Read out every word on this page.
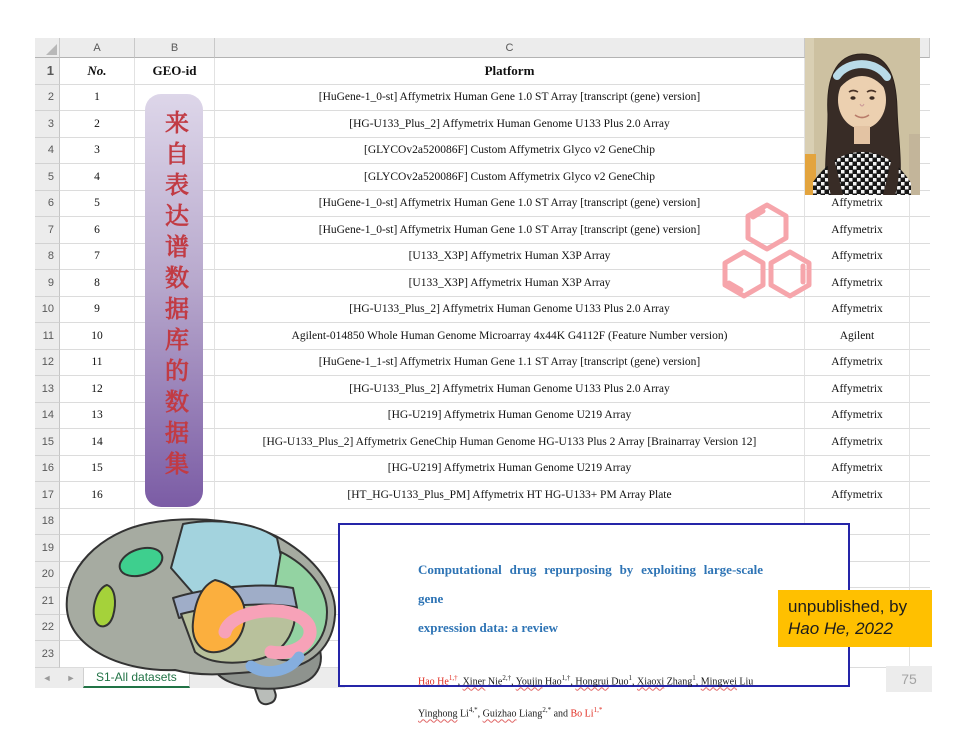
A	B	C
1	No.	GEO-id	Platform
2	1	[HuGene-1_0-st] Affymetrix Human Gene 1.0 ST Array [transcript (gene) version]
3	2	[HG-U133_Plus_2] Affymetrix Human Genome U133 Plus 2.0 Array
4	3	[GLYCOv2a520086F] Custom Affymetrix Glyco v2 GeneChip
5	4	[GLYCOv2a520086F] Custom Affymetrix Glyco v2 GeneChip
6	5	[HuGene-1_0-st] Affymetrix Human Gene 1.0 ST Array [transcript (gene) version]	Affymetrix
7	6	[HuGene-1_0-st] Affymetrix Human Gene 1.0 ST Array [transcript (gene) version]	Affymetrix
8	7	[U133_X3P] Affymetrix Human X3P Array	Affymetrix
9	8	[U133_X3P] Affymetrix Human X3P Array	Affymetrix
10	9	[HG-U133_Plus_2] Affymetrix Human Genome U133 Plus 2.0 Array	Affymetrix
11	10	Agilent-014850 Whole Human Genome Microarray 4x44K G4112F (Feature Number version)	Agilent
12	11	[HuGene-1_1-st] Affymetrix Human Gene 1.1 ST Array [transcript (gene) version]	Affymetrix
13	12	[HG-U133_Plus_2] Affymetrix Human Genome U133 Plus 2.0 Array	Affymetrix
14	13	[HG-U219] Affymetrix Human Genome U219 Array	Affymetrix
15	14	[HG-U133_Plus_2] Affymetrix GeneChip Human Genome HG-U133 Plus 2 Array [Brainarray Version 12]	Affymetrix
16	15	[HG-U219] Affymetrix Human Genome U219 Array	Affymetrix
17	16	[HT_HG-U133_Plus_PM] Affymetrix HT HG-U133+ PM Array Plate	Affymetrix
18
19
20
21
22
23
来自表达谱数据库的数据集
◄	►	S1-All datasets
Computational drug repurposing by exploiting large-scale gene
expression data: a review
Hao $He^{1,\dagger}$, Xiner Nie$^{2,\dagger}$, Youjin Hao$^{1,\dagger}$, Hongrui Duo$^1$, Xiaoxi Zhang$^1$, Mingwei Liu
Yinghong $Li^{4,*}$, Guizhao Liang$^{2,*}$ and Bo $Li^{1,*}$
unpublished, by
Hao He, 2022
75
